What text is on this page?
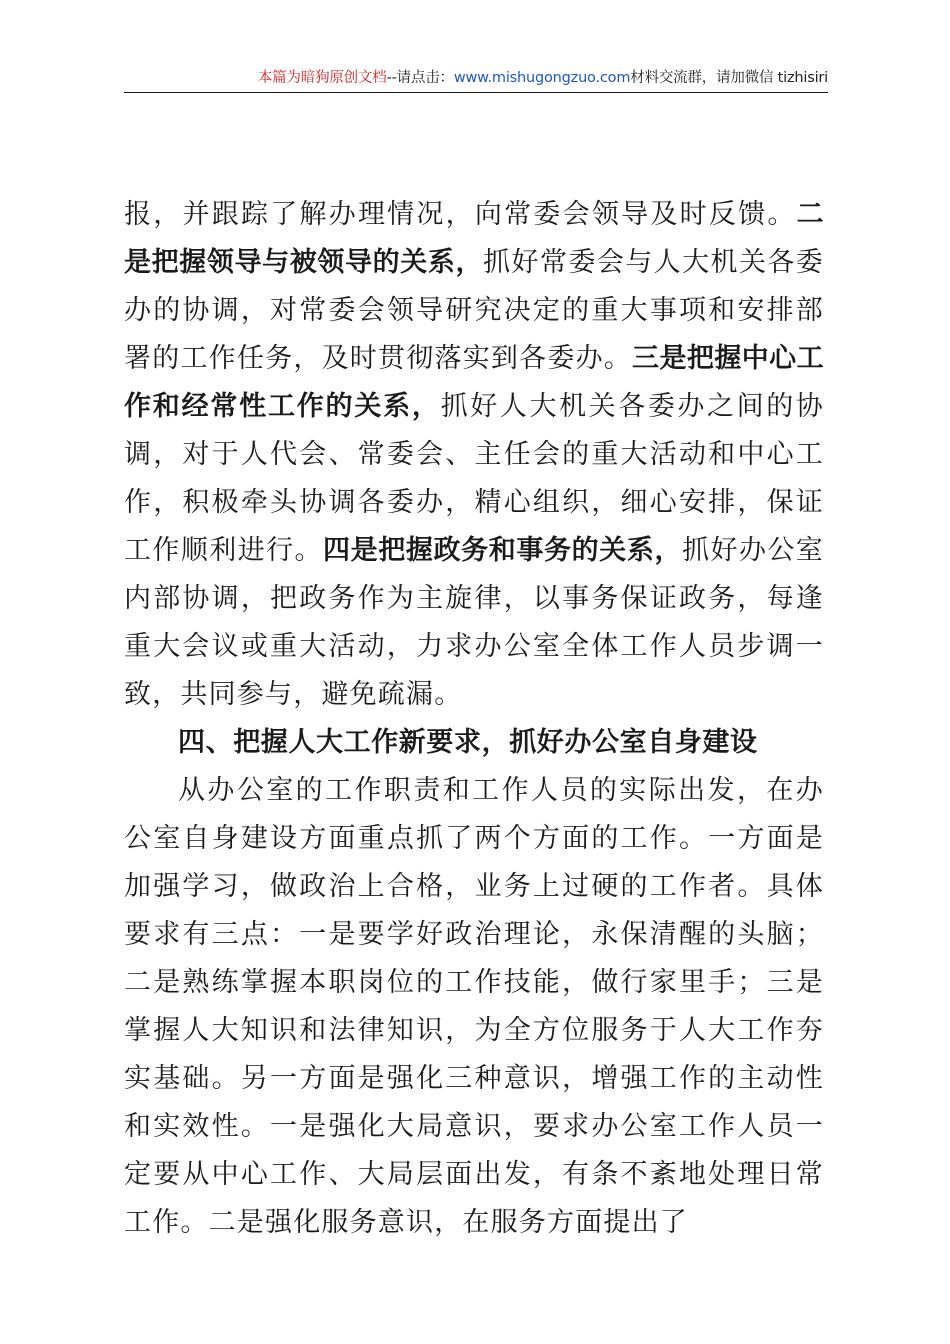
本篇为暗狗原创文档--请点击：www.mishugongzuo.com材料交流群，请加微信 tizhisiri

报，并跟踪了解办理情况，向常委会领导及时反馈。二是把握领导与被领导的关系，抓好常委会与人大机关各委办的协调，对常委会领导研究决定的重大事项和安排部署的工作任务，及时贯彻落实到各委办。三是把握中心工作和经常性工作的关系，抓好人大机关各委办之间的协调，对于人代会、常委会、主任会的重大活动和中心工作，积极牵头协调各委办，精心组织，细心安排，保证工作顺利进行。四是把握政务和事务的关系，抓好办公室内部协调，把政务作为主旋律，以事务保证政务，每逢重大会议或重大活动，力求办公室全体工作人员步调一致，共同参与，避免疏漏。

四、把握人大工作新要求，抓好办公室自身建设

从办公室的工作职责和工作人员的实际出发，在办公室自身建设方面重点抓了两个方面的工作。一方面是加强学习，做政治上合格，业务上过硬的工作者。具体要求有三点：一是要学好政治理论，永保清醒的头脑；二是熟练掌握本职岗位的工作技能，做行家里手；三是掌握人大知识和法律知识，为全方位服务于人大工作夯实基础。另一方面是强化三种意识，增强工作的主动性和实效性。一是强化大局意识，要求办公室工作人员一定要从中心工作、大局层面出发，有条不紊地处理日常工作。二是强化服务意识，在服务方面提出了
